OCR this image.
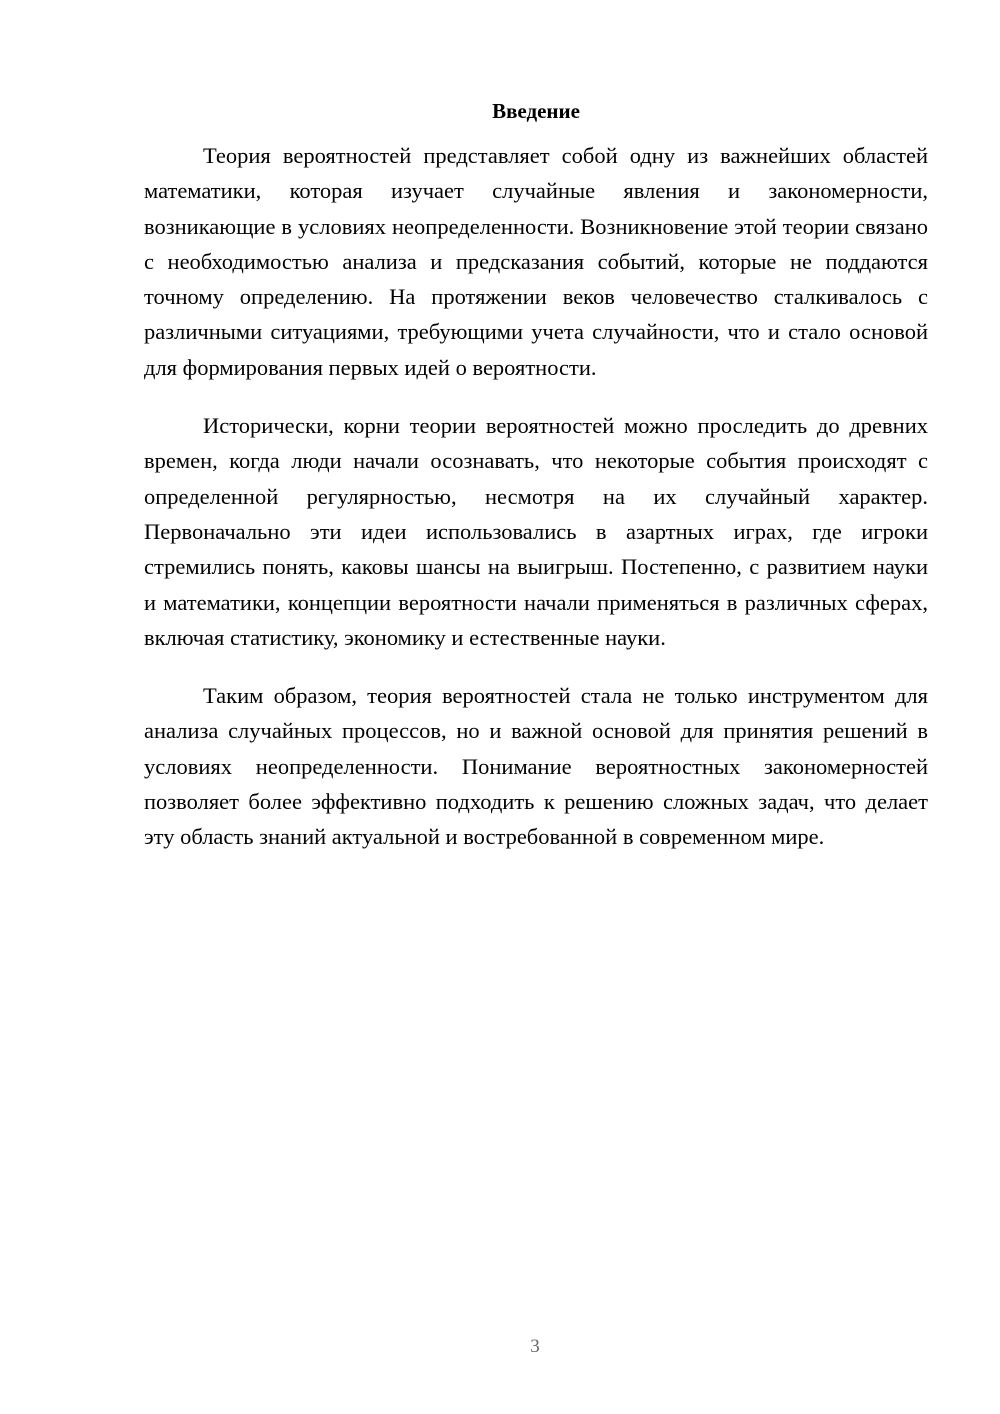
Введение

Теория вероятностей представляет собой одну из важнейших областей математики, которая изучает случайные явления и закономерности, возникающие в условиях неопределенности. Возникновение этой теории связано с необходимостью анализа и предсказания событий, которые не поддаются точному определению. На протяжении веков человечество сталкивалось с различными ситуациями, требующими учета случайности, что и стало основой для формирования первых идей о вероятности.

Исторически, корни теории вероятностей можно проследить до древних времен, когда люди начали осознавать, что некоторые события происходят с определенной регулярностью, несмотря на их случайный характер. Первоначально эти идеи использовались в азартных играх, где игроки стремились понять, каковы шансы на выигрыш. Постепенно, с развитием науки и математики, концепции вероятности начали применяться в различных сферах, включая статистику, экономику и естественные науки.

Таким образом, теория вероятностей стала не только инструментом для анализа случайных процессов, но и важной основой для принятия решений в условиях неопределенности. Понимание вероятностных закономерностей позволяет более эффективно подходить к решению сложных задач, что делает эту область знаний актуальной и востребованной в современном мире.

3
